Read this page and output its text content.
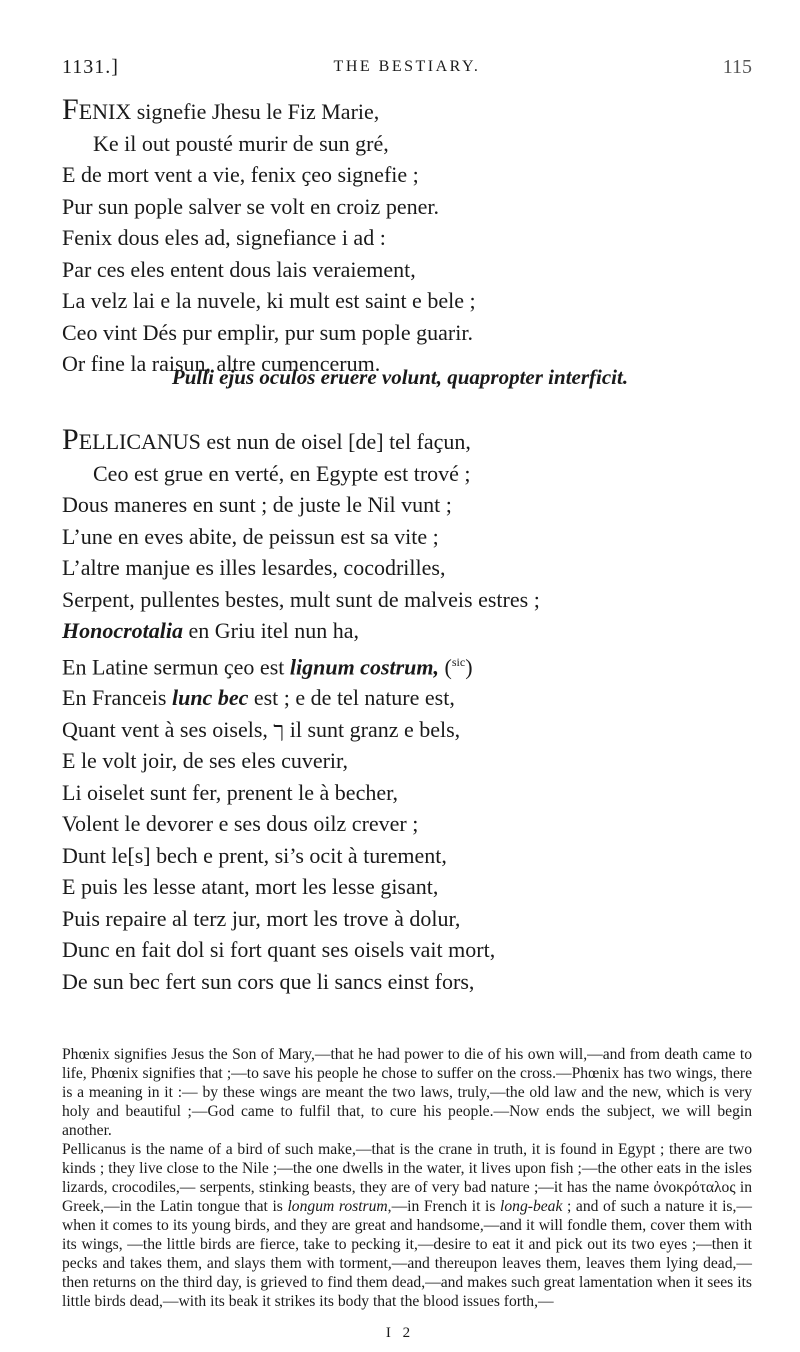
1131.]	THE BESTIARY.	115
FENIX signefie Jhesu le Fiz Marie,
Ke il out pousté murir de sun gré,
E de mort vent a vie, fenix ҫeo signefie ;
Pur sun pople salver se volt en croiz pener.
Fenix dous eles ad, signefiance i ad :
Par ces eles entent dous lais veraiement,
La velz lai e la nuvele, ki mult est saint e bele ;
Ceo vint Dés pur emplir, pur sum pople guarir.
Or fine la raisun, altre cumencerum.
Pulli ejus oculos eruere volunt, quapropter interficit.
PELLICANUS est nun de oisel [de] tel faҫun,
Ceo est grue en verté, en Egypte est trové ;
Dous maneres en sunt ; de juste le Nil vunt ;
L’une en eves abite, de peissun est sa vite ;
L’altre manjue es illes lesardes, cocodrilles,
Serpent, pullentes bestes, mult sunt de malveis estres ;
Honocrotalia en Griu itel nun ha,
En Latine sermun ҫeo est lignum costrum, ($^{sic}$)
En Franceis lunc bec est ; e de tel nature est,
Quant vent à ses oisels, ך il sunt granz e bels,
E le volt joir, de ses eles cuverir,
Li oiselet sunt fer, prenent le à becher,
Volent le devorer e ses dous oilz crever ;
Dunt le[s] bech e prent, si’s ocit à turement,
E puis les lesse atant, mort les lesse gisant,
Puis repaire al terz jur, mort les trove à dolur,
Dunc en fait dol si fort quant ses oisels vait mort,
De sun bec fert sun cors que li sancs einst fors,

Phœnix signifies Jesus the Son of Mary,—that he had power to die of his own will,—and from death came to life, Phœnix signifies that ;—to save his people he chose to suffer on the cross.—Phœnix has two wings, there is a meaning in it :— by these wings are meant the two laws, truly,—the old law and the new, which is very holy and beautiful ;—God came to fulfil that, to cure his people.—Now ends the subject, we will begin another.

Pellicanus is the name of a bird of such make,—that is the crane in truth, it is found in Egypt ; there are two kinds ; they live close to the Nile ;—the one dwells in the water, it lives upon fish ;—the other eats in the isles lizards, crocodiles,— serpents, stinking beasts, they are of very bad nature ;—it has the name ὀνοκρόταλος in Greek,—in the Latin tongue that is longum rostrum,—in French it is long-beak ; and of such a nature it is,—when it comes to its young birds, and they are great and handsome,—and it will fondle them, cover them with its wings, —the little birds are fierce, take to pecking it,—desire to eat it and pick out its two eyes ;—then it pecks and takes them, and slays them with torment,—and thereupon leaves them, leaves them lying dead,—then returns on the third day, is grieved to find them dead,—and makes such great lamentation when it sees its little birds dead,—with its beak it strikes its body that the blood issues forth,—

I 2
